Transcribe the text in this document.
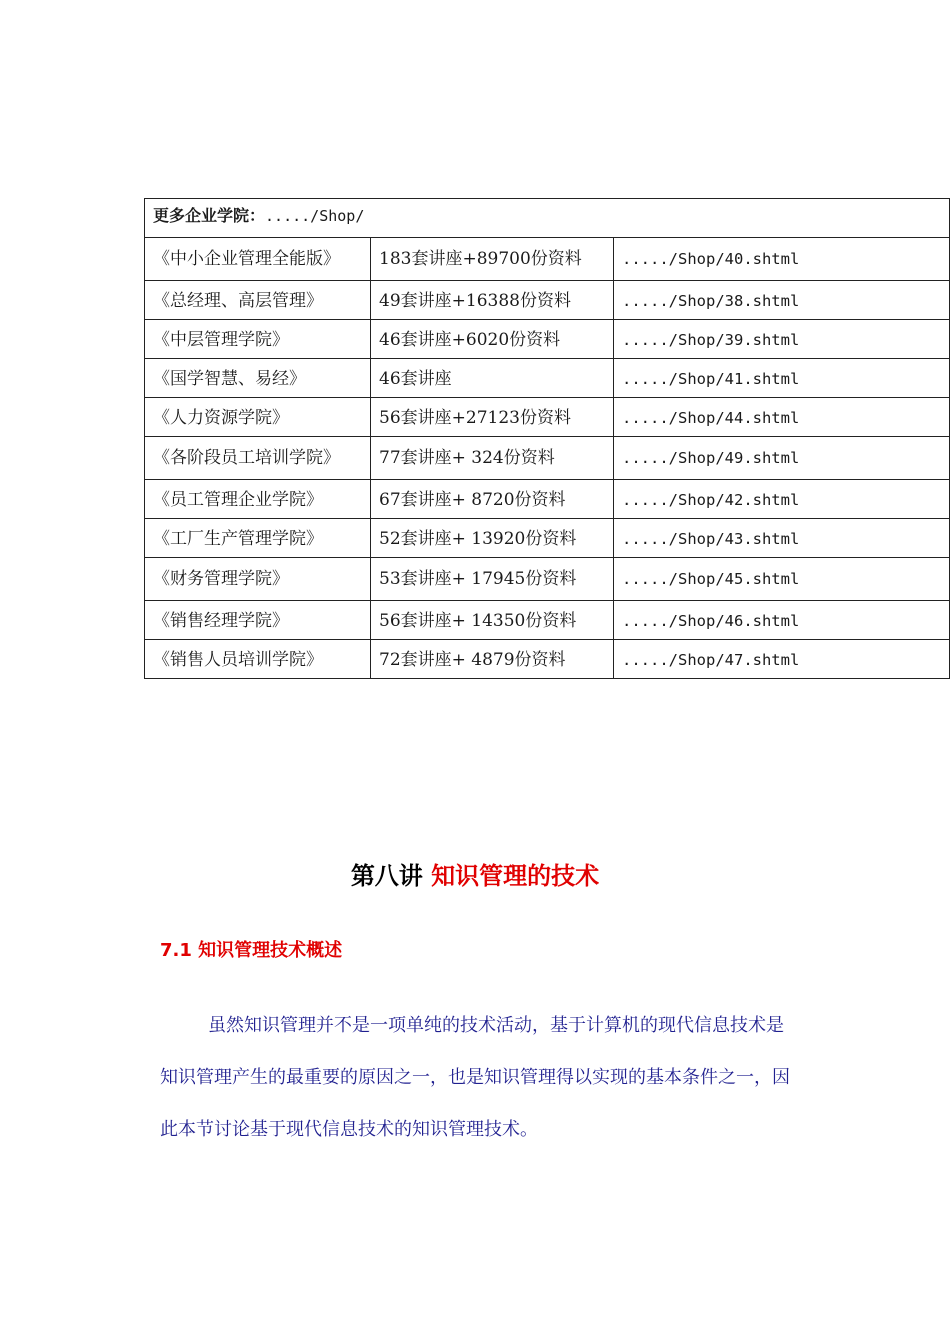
更多企业学院：...../Shop/		
《中小企业管理全能版》	183套讲座+89700份资料	...../Shop/40.shtml
《总经理、高层管理》	49套讲座+16388份资料	...../Shop/38.shtml
《中层管理学院》	46套讲座+6020份资料	...../Shop/39.shtml
《国学智慧、易经》	46套讲座	...../Shop/41.shtml
《人力资源学院》	56套讲座+27123份资料	...../Shop/44.shtml
《各阶段员工培训学院》	77套讲座+ 324份资料	...../Shop/49.shtml
《员工管理企业学院》	67套讲座+ 8720份资料	...../Shop/42.shtml
《工厂生产管理学院》	52套讲座+ 13920份资料	...../Shop/43.shtml
《财务管理学院》	53套讲座+ 17945份资料	...../Shop/45.shtml
《销售经理学院》	56套讲座+ 14350份资料	...../Shop/46.shtml
《销售人员培训学院》	72套讲座+ 4879份资料	...../Shop/47.shtml
第八讲 知识管理的技术
7.1 知识管理技术概述
虽然知识管理并不是一项单纯的技术活动，基于计算机的现代信息技术是知识管理产生的最重要的原因之一，也是知识管理得以实现的基本条件之一，因此本节讨论基于现代信息技术的知识管理技术。
